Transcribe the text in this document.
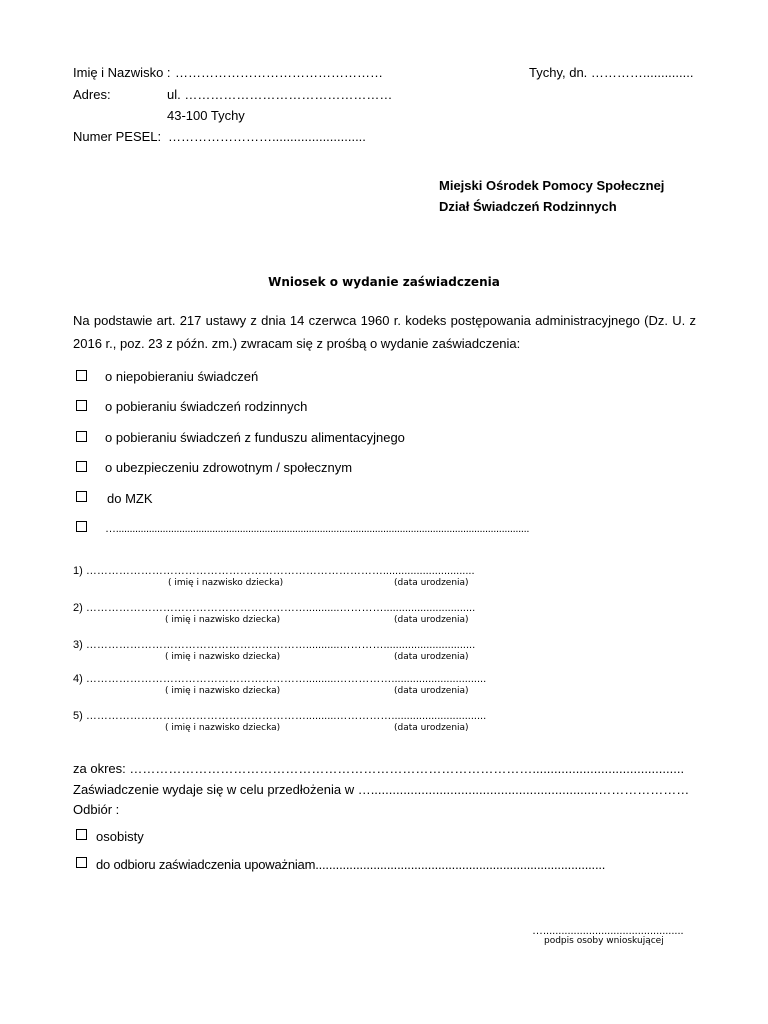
Imię i Nazwisko : …………………………………………	Tychy, dn. …………..............
Adres:	ul. …………………………………………
43-100 Tychy
Numer PESEL: ……………………..........................
Miejski Ośrodek Pomocy Społecznej
Dział Świadczeń Rodzinnych
Wniosek o wydanie zaświadczenia
Na podstawie art. 217 ustawy z dnia 14 czerwca 1960 r. kodeks postępowania administracyjnego (Dz. U. z 2016 r., poz. 23 z późn. zm.) zwracam się z prośbą o wydanie zaświadczenia:
o niepobieraniu świadczeń
o pobieraniu świadczeń rodzinnych
o pobieraniu świadczeń z funduszu alimentacyjnego
o ubezpieczeniu zdrowotnym / społecznym
do MZK
…......................................................................................................................................................
1) ………………………………………………………………………..............................
( imię i nazwisko dziecka)	(data urodzenia)
2) ……………………………………………………...........…………..............................
( imię i nazwisko dziecka)	(data urodzenia)
3) ……………………………………………………...........…………..............................
( imię i nazwisko dziecka)	(data urodzenia)
4) ……………………………………………………..........……………...............................
( imię i nazwisko dziecka)	(data urodzenia)
5) ……………………………………………………..........……………...............................
( imię i nazwisko dziecka)	(data urodzenia)
za okres: …………………………………………………………………………………..........................................
Zaświadczenie wydaje się w celu przedłożenia w …...............................................................…………………
Odbiór :
osobisty
do odbioru zaświadczenia upoważniam.....................................................................................
…..............................................
podpis osoby wnioskującej
